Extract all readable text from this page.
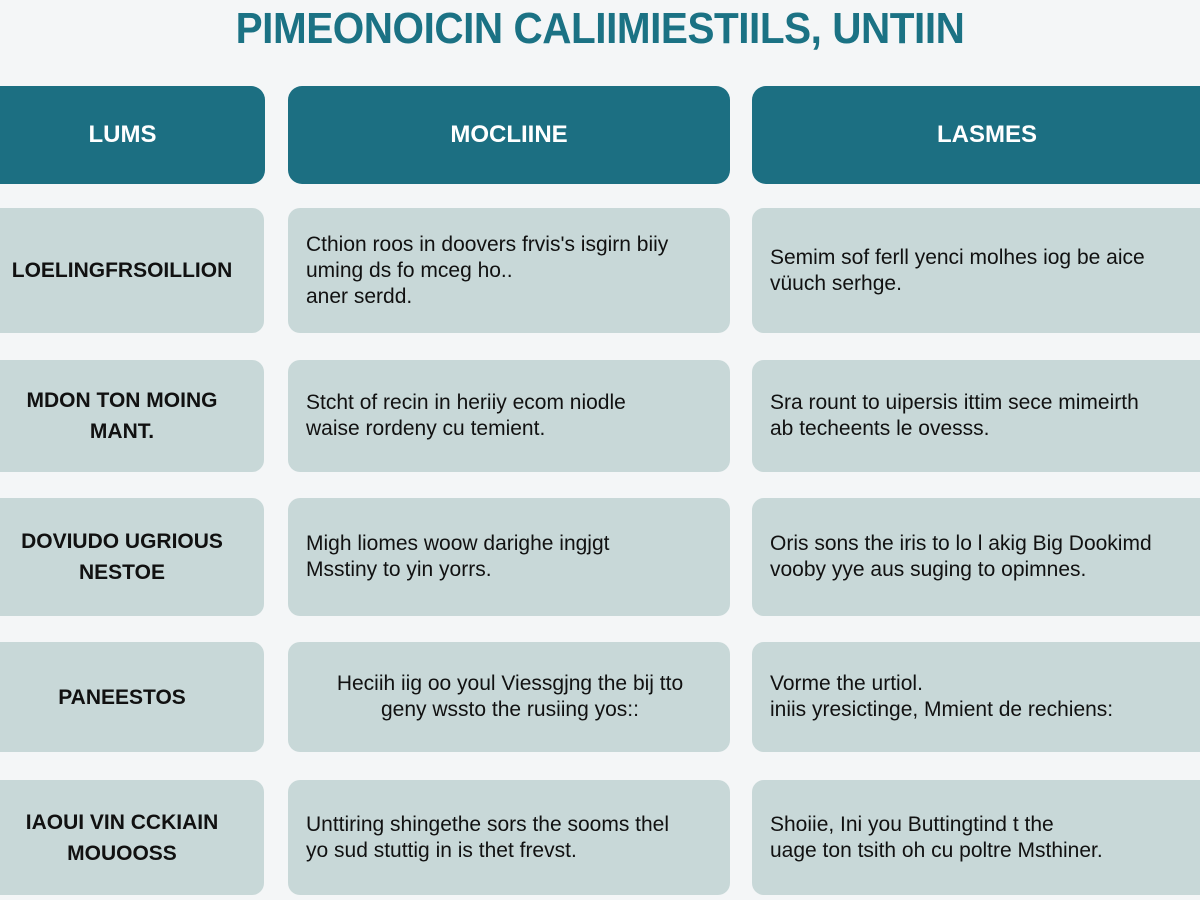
PIMEONOICIN CALIIMIESTIILS, UNTIIN
LUMS	MOCLIINE	LASMES
LOELINGFRSOILLION
Cthion roos in doovers frvis's isgirn biiy
uming ds fo mceg ho..
aner serdd.
Semim sof ferll yenci molhes iog be aice
vüuch serhge.
MDON TON MOING
MANT.
Stcht of recin in heriiy ecom niodle
waise rordeny cu temient.
Sra rount to uipersis ittim sece mimeirth
ab techeents le ovesss.
DOVIUDO UGRIOUS
NESTOE
Migh liomes woow darighe ingjgt
Msstiny to yin yorrs.
Oris sons the iris to lo l akig Big Dookimd
vooby yye aus suging to opimnes.
PANEESTOS
Heciih iig oo youl Viessgjng the bij tto
geny wssto the rusiing yos::
Vorme the urtiol.
iniis yresictinge, Mmient de rechiens:
IAOUI VIN CCKIAIN
MOUOOSS
Unttiring shingethe sors the sooms thel
yo sud stuttig in is thet frevst.
Shoiie, Ini you Buttingtind t the
uage ton tsith oh cu poltre Msthiner.
